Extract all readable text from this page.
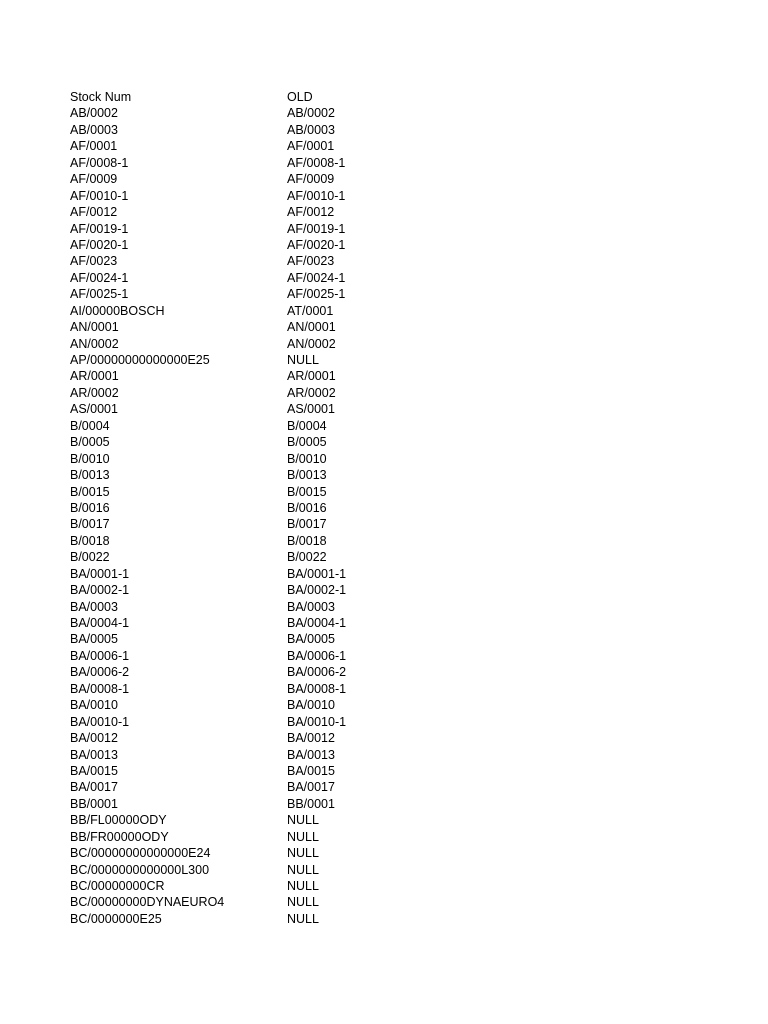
Stock Num	OLD
AB/0002	AB/0002
AB/0003	AB/0003
AF/0001	AF/0001
AF/0008-1	AF/0008-1
AF/0009	AF/0009
AF/0010-1	AF/0010-1
AF/0012	AF/0012
AF/0019-1	AF/0019-1
AF/0020-1	AF/0020-1
AF/0023	AF/0023
AF/0024-1	AF/0024-1
AF/0025-1	AF/0025-1
AI/00000BOSCH	AT/0001
AN/0001	AN/0001
AN/0002	AN/0002
AP/00000000000000E25	NULL
AR/0001	AR/0001
AR/0002	AR/0002
AS/0001	AS/0001
B/0004	B/0004
B/0005	B/0005
B/0010	B/0010
B/0013	B/0013
B/0015	B/0015
B/0016	B/0016
B/0017	B/0017
B/0018	B/0018
B/0022	B/0022
BA/0001-1	BA/0001-1
BA/0002-1	BA/0002-1
BA/0003	BA/0003
BA/0004-1	BA/0004-1
BA/0005	BA/0005
BA/0006-1	BA/0006-1
BA/0006-2	BA/0006-2
BA/0008-1	BA/0008-1
BA/0010	BA/0010
BA/0010-1	BA/0010-1
BA/0012	BA/0012
BA/0013	BA/0013
BA/0015	BA/0015
BA/0017	BA/0017
BB/0001	BB/0001
BB/FL00000ODY	NULL
BB/FR00000ODY	NULL
BC/00000000000000E24	NULL
BC/0000000000000L300	NULL
BC/00000000CR	NULL
BC/00000000DYNAEURO4	NULL
BC/0000000E25	NULL
